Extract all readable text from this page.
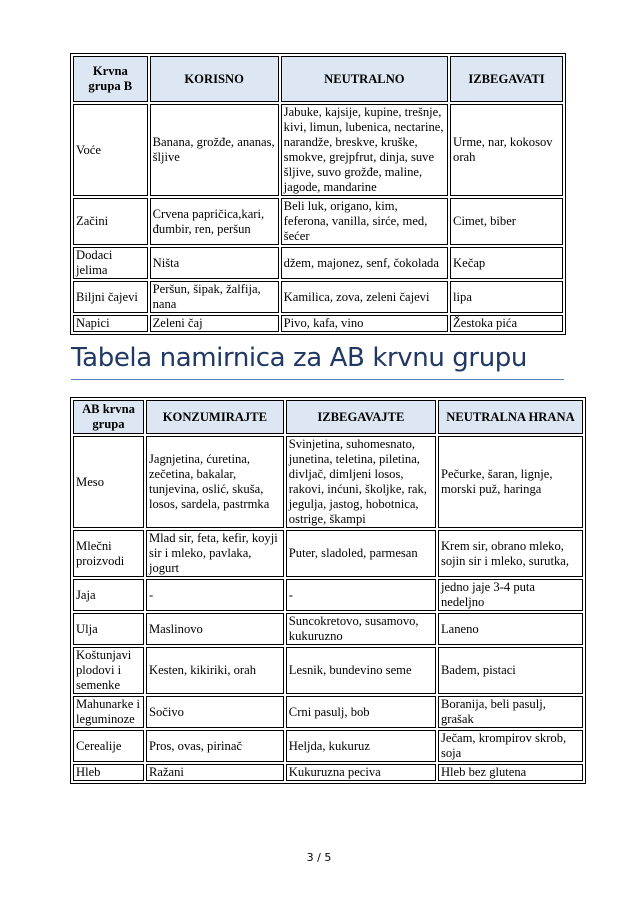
Krvna grupa B	KORISNO	NEUTRALNO	IZBEGAVATI
Voće	Banana, grožđe, ananas, šljive	Jabuke, kajsije, kupine, trešnje, kivi, limun, lubenica, nectarine, narandže, breskve, kruške, smokve, grejpfrut, dinja, suve šljive, suvo grožđe, maline, jagode, mandarine	Urme, nar, kokosov orah
Začini	Crvena papričica,kari, đumbir, ren, peršun	Beli luk, origano, kim, feferona, vanilla, sirće, med, šećer	Cimet, biber
Dodaci jelima	Ništa	džem, majonez, senf, čokolada	Kečap
Biljni čajevi	Peršun, šipak, žalfija, nana	Kamilica, zova, zeleni čajevi	lipa
Napici	Zeleni čaj	Pivo, kafa, vino	Žestoka pića
Tabela namirnica za AB krvnu grupu
AB krvna grupa	KONZUMIRAJTE	IZBEGAVAJTE	NEUTRALNA HRANA
Meso	Jagnjetina, ćuretina, zečetina, bakalar, tunjevina, oslić, skuša, losos, sardela, pastrmka	Svinjetina, suhomesnato, junetina, teletina, piletina, divljač, dimljeni losos, rakovi, inćuni, školjke, rak, jegulja, jastog, hobotnica, ostrige, škampi	Pečurke, šaran, lignje, morski puž, haringa
Mlečni proizvodi	Mlad sir, feta, kefir, koyji sir i mleko, pavlaka, jogurt	Puter, sladoled, parmesan	Krem sir, obrano mleko, sojin sir i mleko, surutka,
Jaja	-	-	jedno jaje 3-4 puta nedeljno
Ulja	Maslinovo	Suncokretovo, susamovo, kukuruzno	Laneno
Koštunjavi plodovi i semenke	Kesten, kikiriki, orah	Lesnik, bundevino seme	Badem, pistaci
Mahunarke i leguminoze	Sočivo	Crni pasulj, bob	Boranija, beli pasulj, grašak
Cerealije	Pros, ovas, pirinač	Heljda, kukuruz	Ječam, krompirov skrob, soja
Hleb	Ražani	Kukuruzna peciva	Hleb bez glutena
3 / 5
